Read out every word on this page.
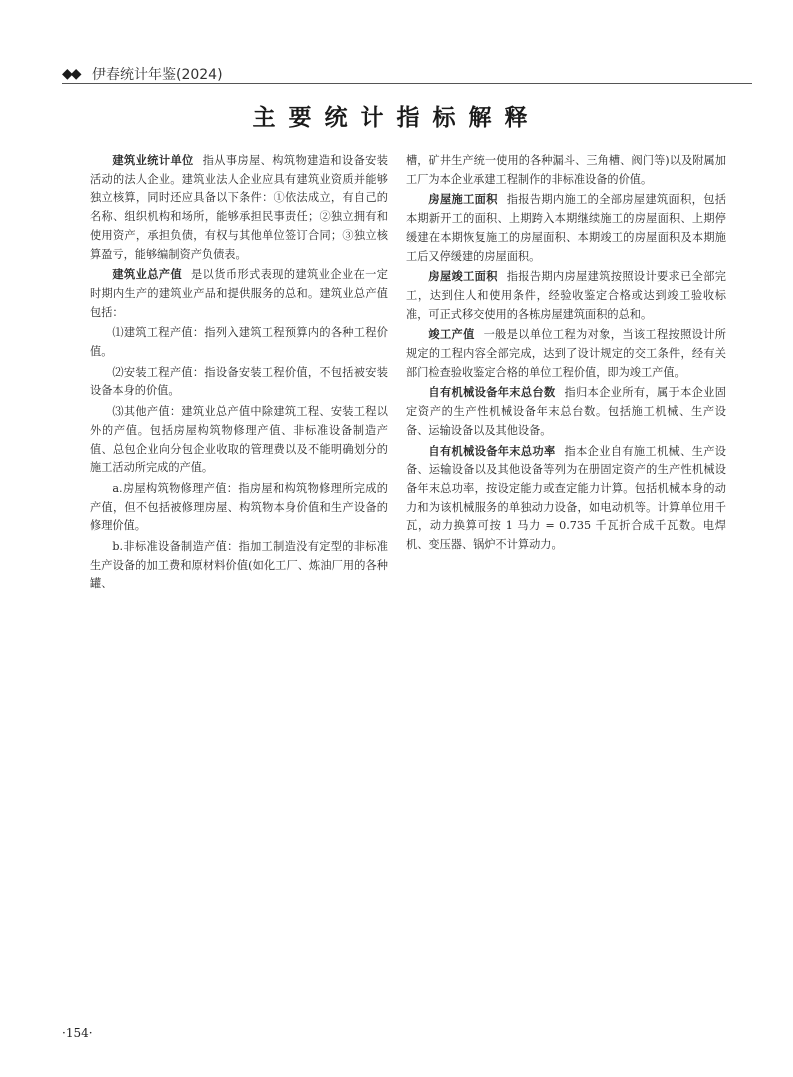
◆◆ 伊春统计年鉴(2024)
主要统计指标解释

建筑业统计单位 指从事房屋、构筑物建造和设备安装活动的法人企业。建筑业法人企业应具有建筑业资质并能够独立核算，同时还应具备以下条件：①依法成立，有自己的名称、组织机构和场所，能够承担民事责任；②独立拥有和使用资产，承担负债，有权与其他单位签订合同；③独立核算盈亏，能够编制资产负债表。

建筑业总产值 是以货币形式表现的建筑业企业在一定时期内生产的建筑业产品和提供服务的总和。建筑业总产值包括：

⑴建筑工程产值：指列入建筑工程预算内的各种工程价值。

⑵安装工程产值：指设备安装工程价值，不包括被安装设备本身的价值。

⑶其他产值：建筑业总产值中除建筑工程、安装工程以外的产值。包括房屋构筑物修理产值、非标准设备制造产值、总包企业向分包企业收取的管理费以及不能明确划分的施工活动所完成的产值。

a.房屋构筑物修理产值：指房屋和构筑物修理所完成的产值，但不包括被修理房屋、构筑物本身价值和生产设备的修理价值。

b.非标准设备制造产值：指加工制造没有定型的非标准生产设备的加工费和原材料价值(如化工厂、炼油厂用的各种罐、

槽，矿井生产统一使用的各种漏斗、三角槽、阀门等)以及附属加工厂为本企业承建工程制作的非标准设备的价值。

房屋施工面积 指报告期内施工的全部房屋建筑面积，包括本期新开工的面积、上期跨入本期继续施工的房屋面积、上期停缓建在本期恢复施工的房屋面积、本期竣工的房屋面积及本期施工后又停缓建的房屋面积。

房屋竣工面积 指报告期内房屋建筑按照设计要求已全部完工，达到住人和使用条件，经验收鉴定合格或达到竣工验收标准，可正式移交使用的各栋房屋建筑面积的总和。

竣工产值 一般是以单位工程为对象，当该工程按照设计所规定的工程内容全部完成，达到了设计规定的交工条件，经有关部门检查验收鉴定合格的单位工程价值，即为竣工产值。

自有机械设备年末总台数 指归本企业所有，属于本企业固定资产的生产性机械设备年末总台数。包括施工机械、生产设备、运输设备以及其他设备。

自有机械设备年末总功率 指本企业自有施工机械、生产设备、运输设备以及其他设备等列为在册固定资产的生产性机械设备年末总功率，按设定能力或查定能力计算。包括机械本身的动力和为该机械服务的单独动力设备，如电动机等。计算单位用千瓦，动力换算可按 1 马力 = 0.735 千瓦折合成千瓦数。电焊机、变压器、锅炉不计算动力。

·154·
